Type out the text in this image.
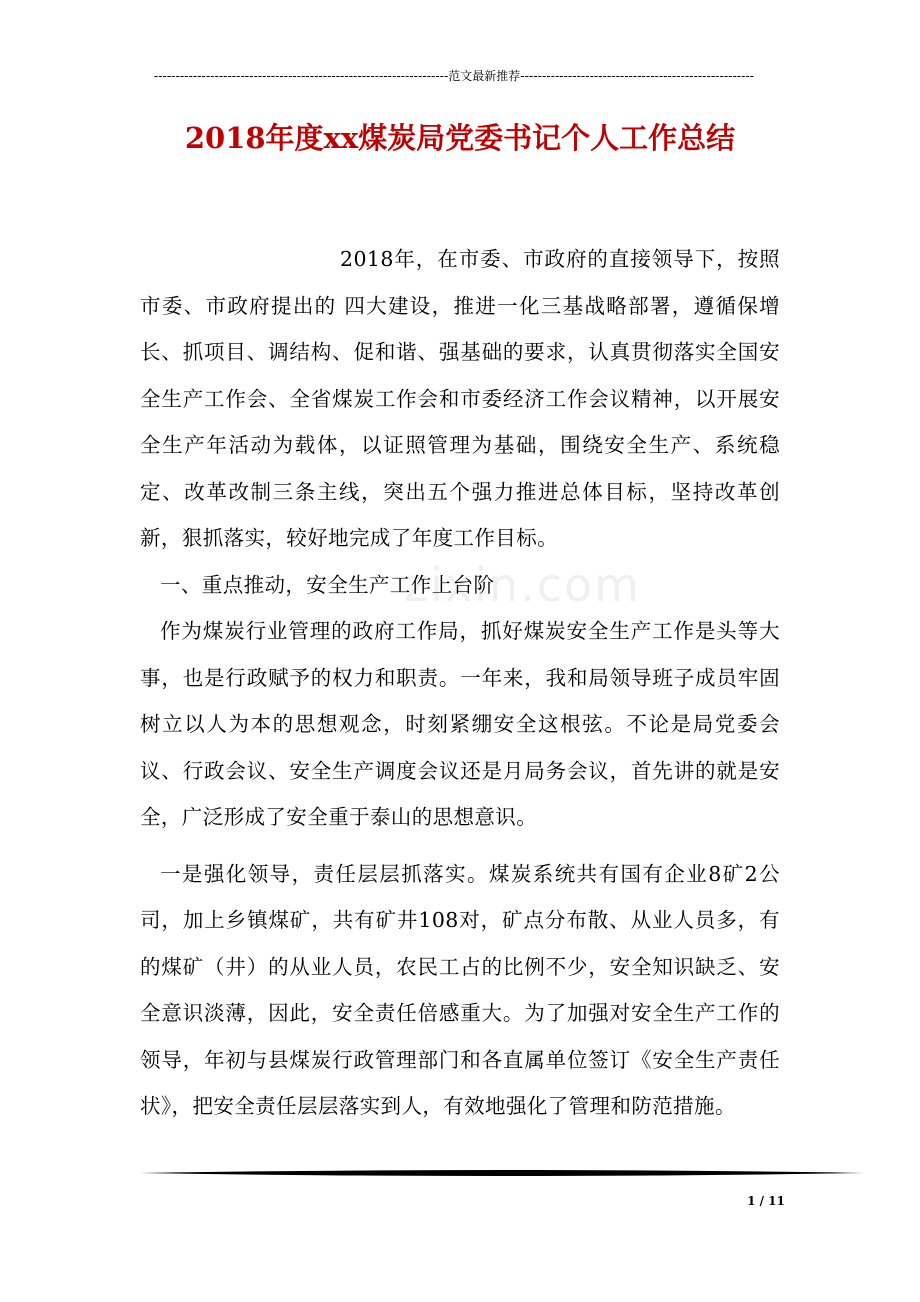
--------------------------------------------------------------------范文最新推荐------------------------------------------------------
2018年度xx煤炭局党委书记个人工作总结
zixin.com

2018年，在市委、市政府的直接领导下，按照市委、市政府提出的 四大建设，推进一化三基战略部署，遵循保增长、抓项目、调结构、促和谐、强基础的要求，认真贯彻落实全国安全生产工作会、全省煤炭工作会和市委经济工作会议精神，以开展安全生产年活动为载体，以证照管理为基础，围绕安全生产、系统稳定、改革改制三条主线，突出五个强力推进总体目标，坚持改革创新，狠抓落实，较好地完成了年度工作目标。

一、重点推动，安全生产工作上台阶

作为煤炭行业管理的政府工作局，抓好煤炭安全生产工作是头等大事，也是行政赋予的权力和职责。一年来，我和局领导班子成员牢固树立以人为本的思想观念，时刻紧绷安全这根弦。不论是局党委会议、行政会议、安全生产调度会议还是月局务会议，首先讲的就是安全，广泛形成了安全重于泰山的思想意识。

一是强化领导，责任层层抓落实。煤炭系统共有国有企业8矿2公司，加上乡镇煤矿，共有矿井108对，矿点分布散、从业人员多，有的煤矿（井）的从业人员，农民工占的比例不少，安全知识缺乏、安全意识淡薄，因此，安全责任倍感重大。为了加强对安全生产工作的领导，年初与县煤炭行政管理部门和各直属单位签订《安全生产责任状》，把安全责任层层落实到人，有效地强化了管理和防范措施。

1 / 11
